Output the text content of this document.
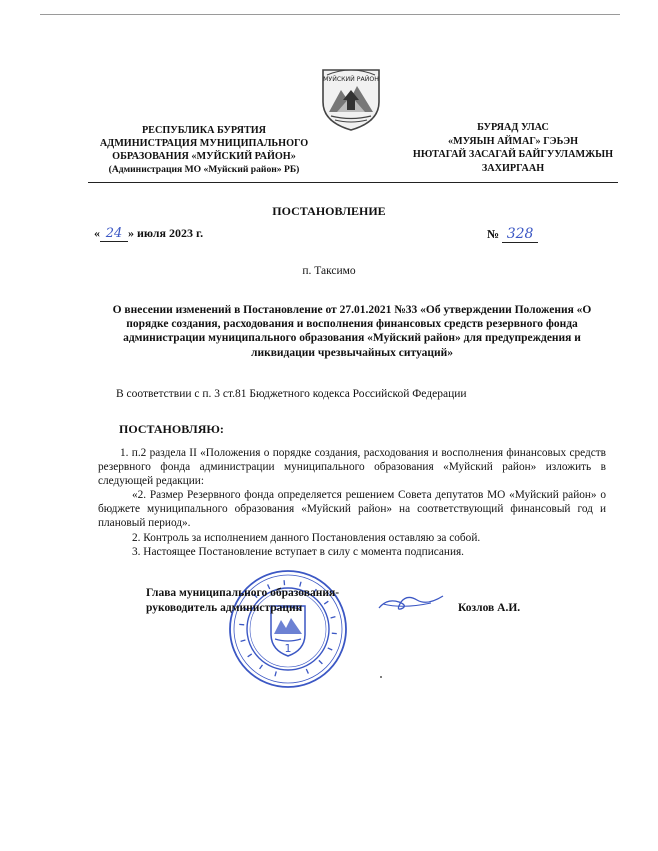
МУЙСКИЙ РАЙОН
РЕСПУБЛИКА БУРЯТИЯ
АДМИНИСТРАЦИЯ МУНИЦИПАЛЬНОГО
ОБРАЗОВАНИЯ «МУЙСКИЙ РАЙОН»
(Администрация МО «Муйский район» РБ)
БУРЯАД УЛАС
«МУЯЫН АЙМАГ» ГЭЬЭН
НЮТАГАЙ ЗАСАГАЙ БАЙГУУЛАМЖЫН
ЗАХИРГААН
ПОСТАНОВЛЕНИЕ
« 24 » июля 2023 г.	№ 328
п. Таксимо
О внесении изменений в Постановление от 27.01.2021 №33 «Об утверждении Положения «О
порядке создания, расходования и восполнения финансовых средств резервного фонда
администрации муниципального образования «Муйский район» для предупреждения и
ликвидации чрезвычайных ситуаций»
В соответствии с п. 3 ст.81 Бюджетного кодекса Российской Федерации
ПОСТАНОВЛЯЮ:

1. п.2 раздела II «Положения о порядке создания, расходования и восполнения финансовых средств резервного фонда администрации муниципального образования «Муйский район» изложить в следующей редакции:

«2. Размер Резервного фонда определяется решением Совета депутатов МО «Муйский район» о бюджете муниципального образования «Муйский район» на соответствующий финансовый год и плановый период».

2. Контроль за исполнением данного Постановления оставляю за собой.

3. Настоящее Постановление вступает в силу с момента подписания.

1
Глава муниципального образования-
руководитель администрации	Козлов А.И.
